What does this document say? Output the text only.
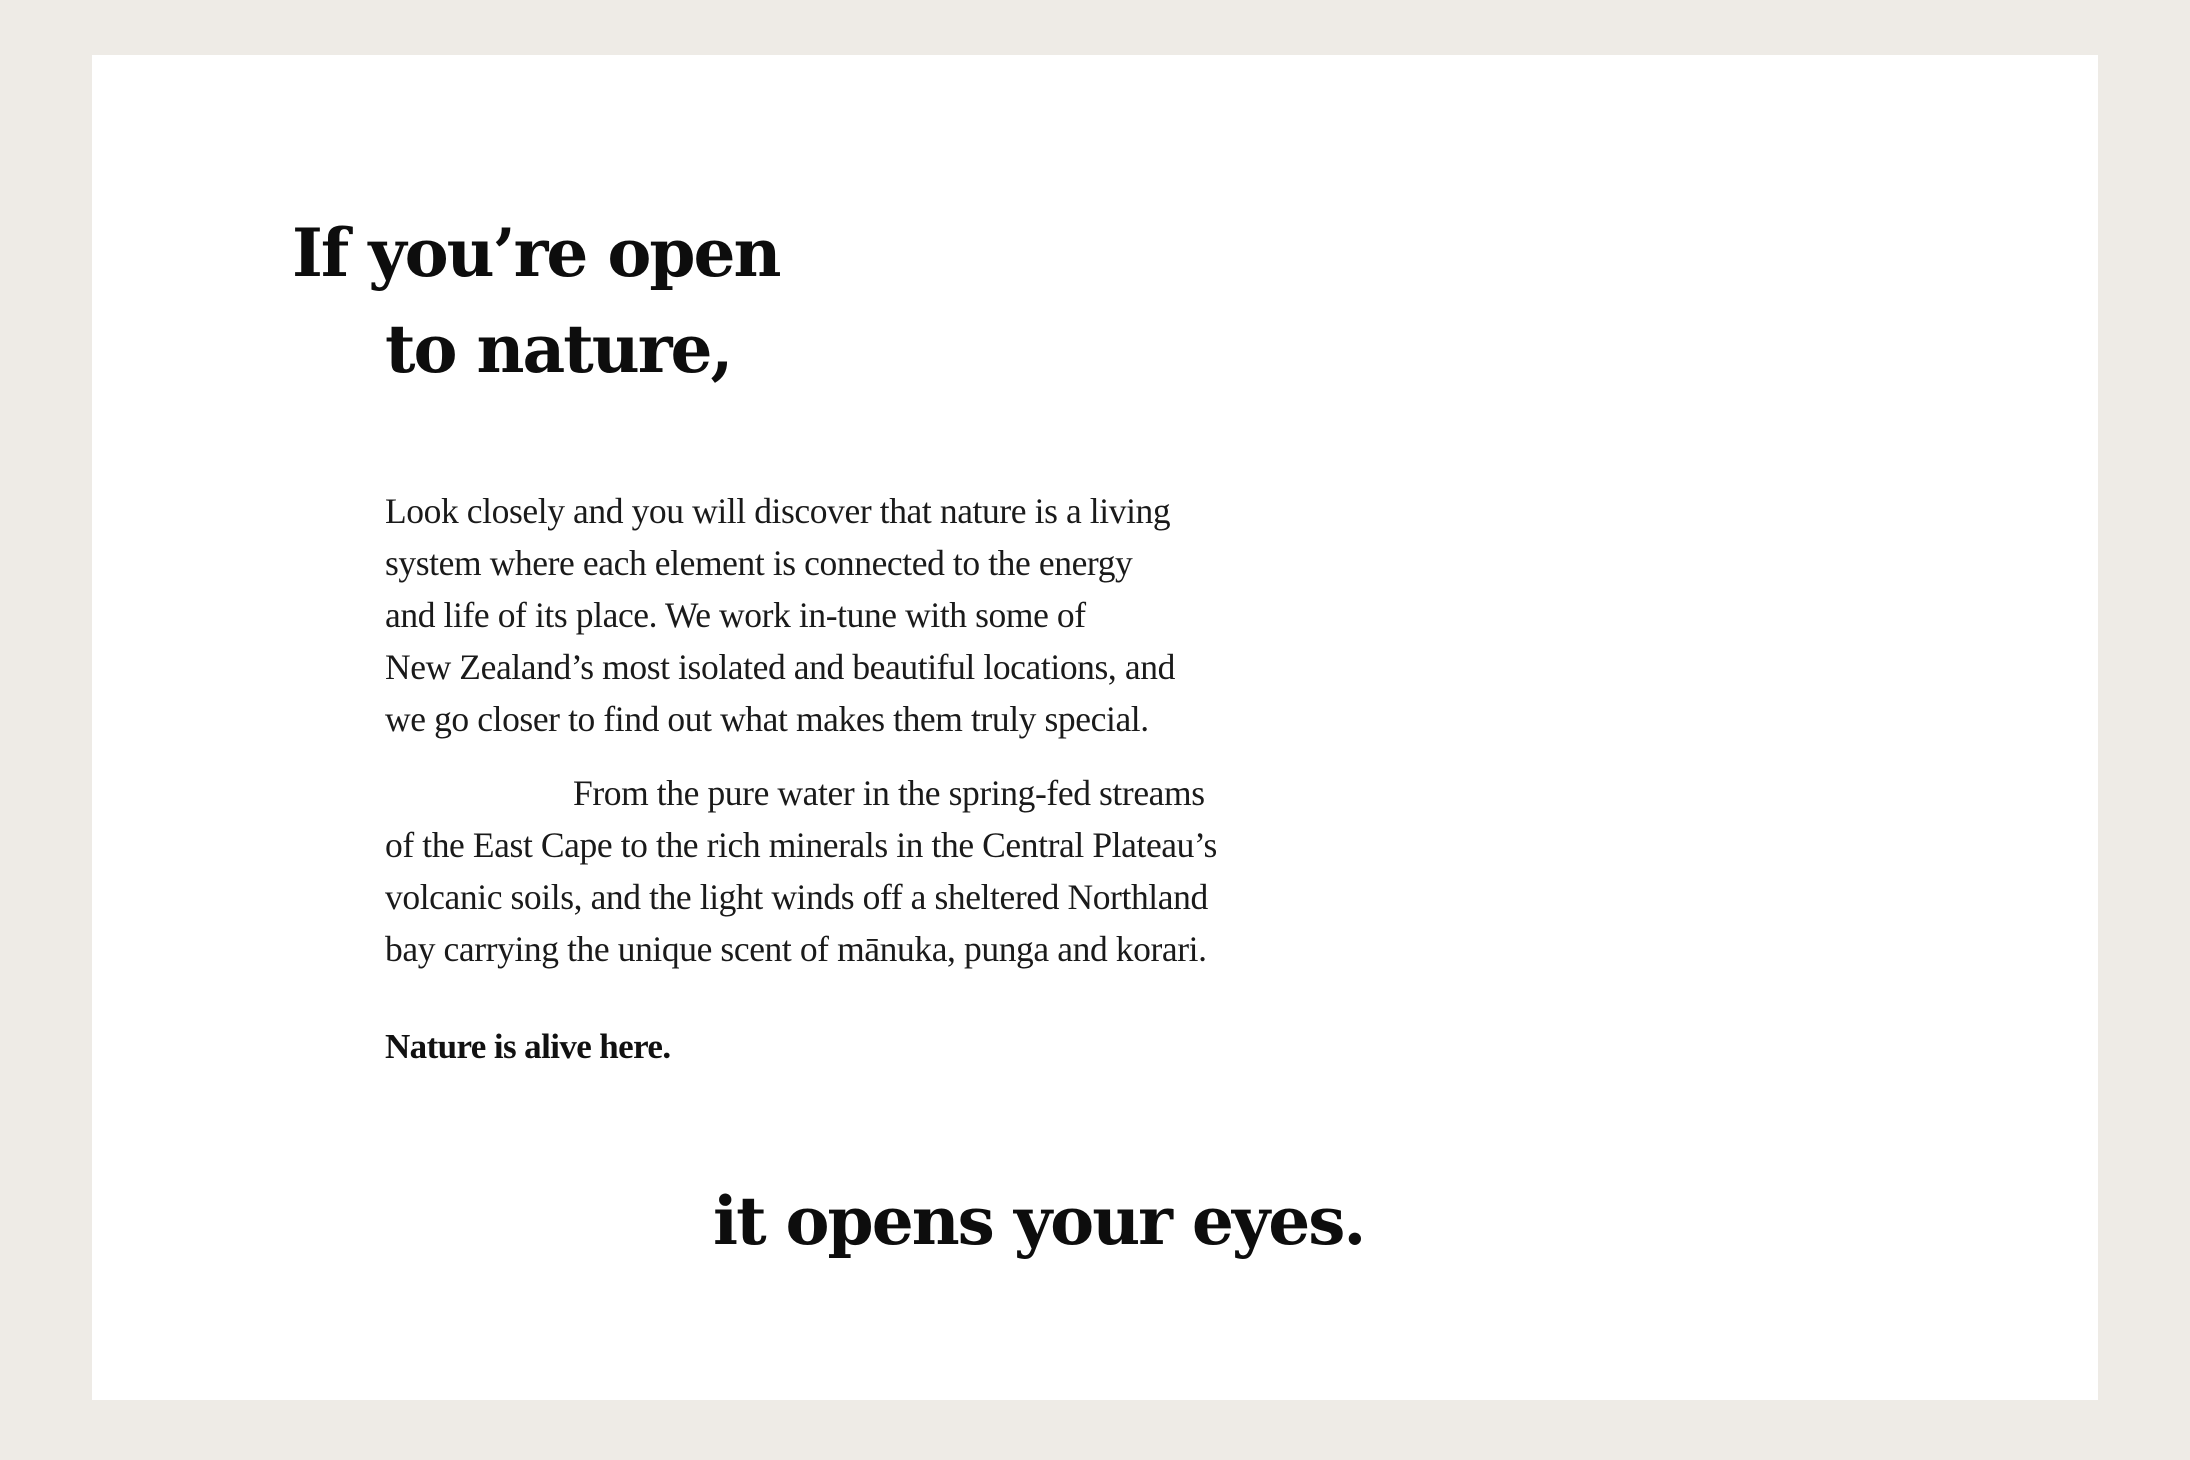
If you’re open
to nature,

Look closely and you will discover that nature is a living
system where each element is connected to the energy
and life of its place. We work in-tune with some of
New Zealand’s most isolated and beautiful locations, and
we go closer to find out what makes them truly special.

From the pure water in the spring-fed streams
of the East Cape to the rich minerals in the Central Plateau’s
volcanic soils, and the light winds off a sheltered Northland
bay carrying the unique scent of mānuka, punga and korari.

Nature is alive here.

it opens your eyes.
